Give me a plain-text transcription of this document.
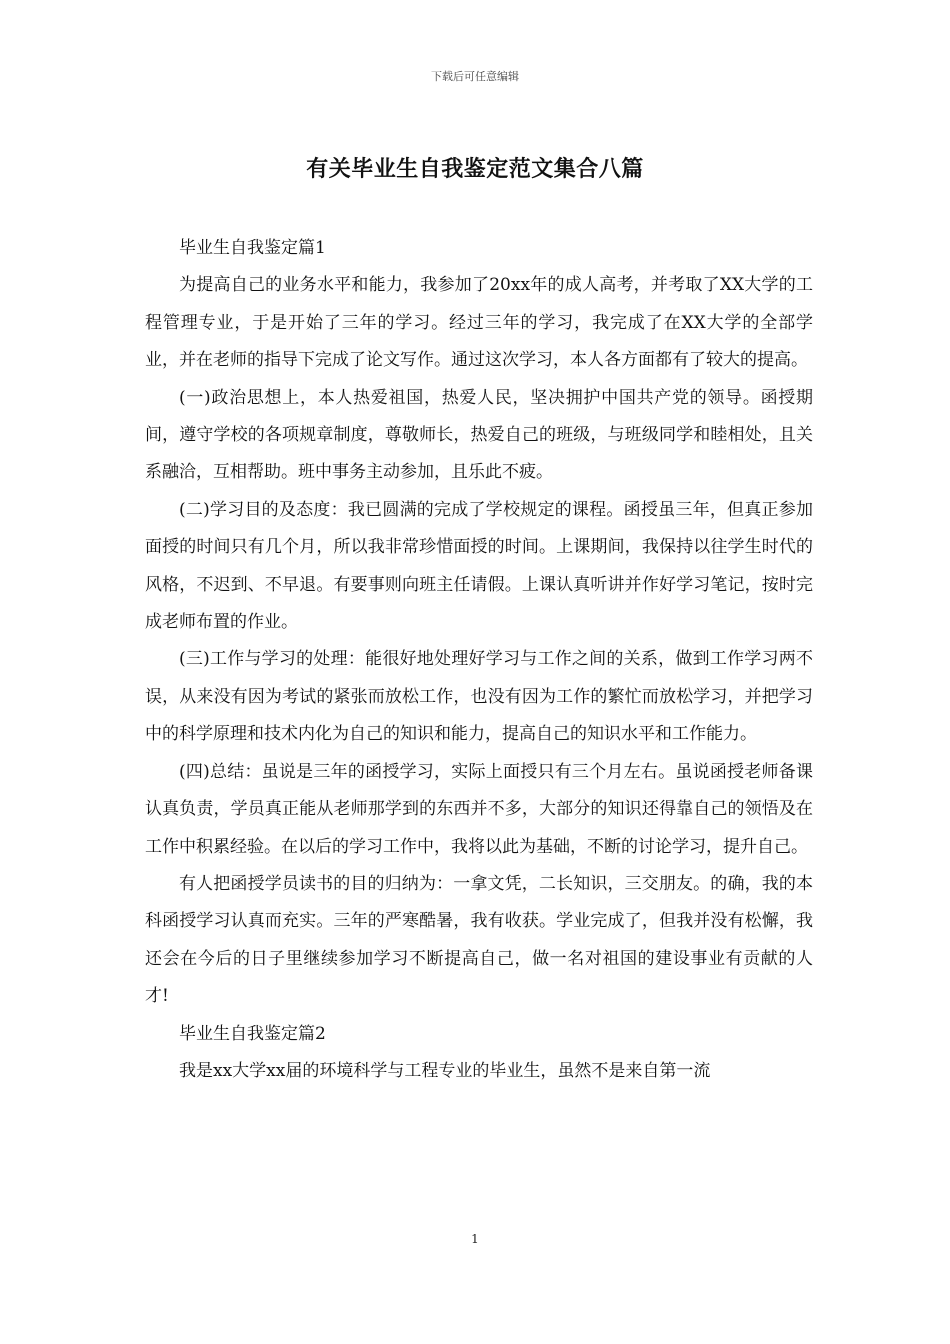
下载后可任意编辑
有关毕业生自我鉴定范文集合八篇

毕业生自我鉴定篇1

为提高自己的业务水平和能力，我参加了20xx年的成人高考，并考取了XX大学的工程管理专业，于是开始了三年的学习。经过三年的学习，我完成了在XX大学的全部学业，并在老师的指导下完成了论文写作。通过这次学习，本人各方面都有了较大的提高。

(一)政治思想上，本人热爱祖国，热爱人民，坚决拥护中国共产党的领导。函授期间，遵守学校的各项规章制度，尊敬师长，热爱自己的班级，与班级同学和睦相处，且关系融洽，互相帮助。班中事务主动参加，且乐此不疲。

(二)学习目的及态度：我已圆满的完成了学校规定的课程。函授虽三年，但真正参加面授的时间只有几个月，所以我非常珍惜面授的时间。上课期间，我保持以往学生时代的风格，不迟到、不早退。有要事则向班主任请假。上课认真听讲并作好学习笔记，按时完成老师布置的作业。

(三)工作与学习的处理：能很好地处理好学习与工作之间的关系，做到工作学习两不误，从来没有因为考试的紧张而放松工作，也没有因为工作的繁忙而放松学习，并把学习中的科学原理和技术内化为自己的知识和能力，提高自己的知识水平和工作能力。

(四)总结：虽说是三年的函授学习，实际上面授只有三个月左右。虽说函授老师备课认真负责，学员真正能从老师那学到的东西并不多，大部分的知识还得靠自己的领悟及在工作中积累经验。在以后的学习工作中，我将以此为基础，不断的讨论学习，提升自己。

有人把函授学员读书的目的归纳为：一拿文凭，二长知识，三交朋友。的确，我的本科函授学习认真而充实。三年的严寒酷暑，我有收获。学业完成了，但我并没有松懈，我还会在今后的日子里继续参加学习不断提高自己，做一名对祖国的建设事业有贡献的人才!

毕业生自我鉴定篇2

我是xx大学xx届的环境科学与工程专业的毕业生，虽然不是来自第一流

1
